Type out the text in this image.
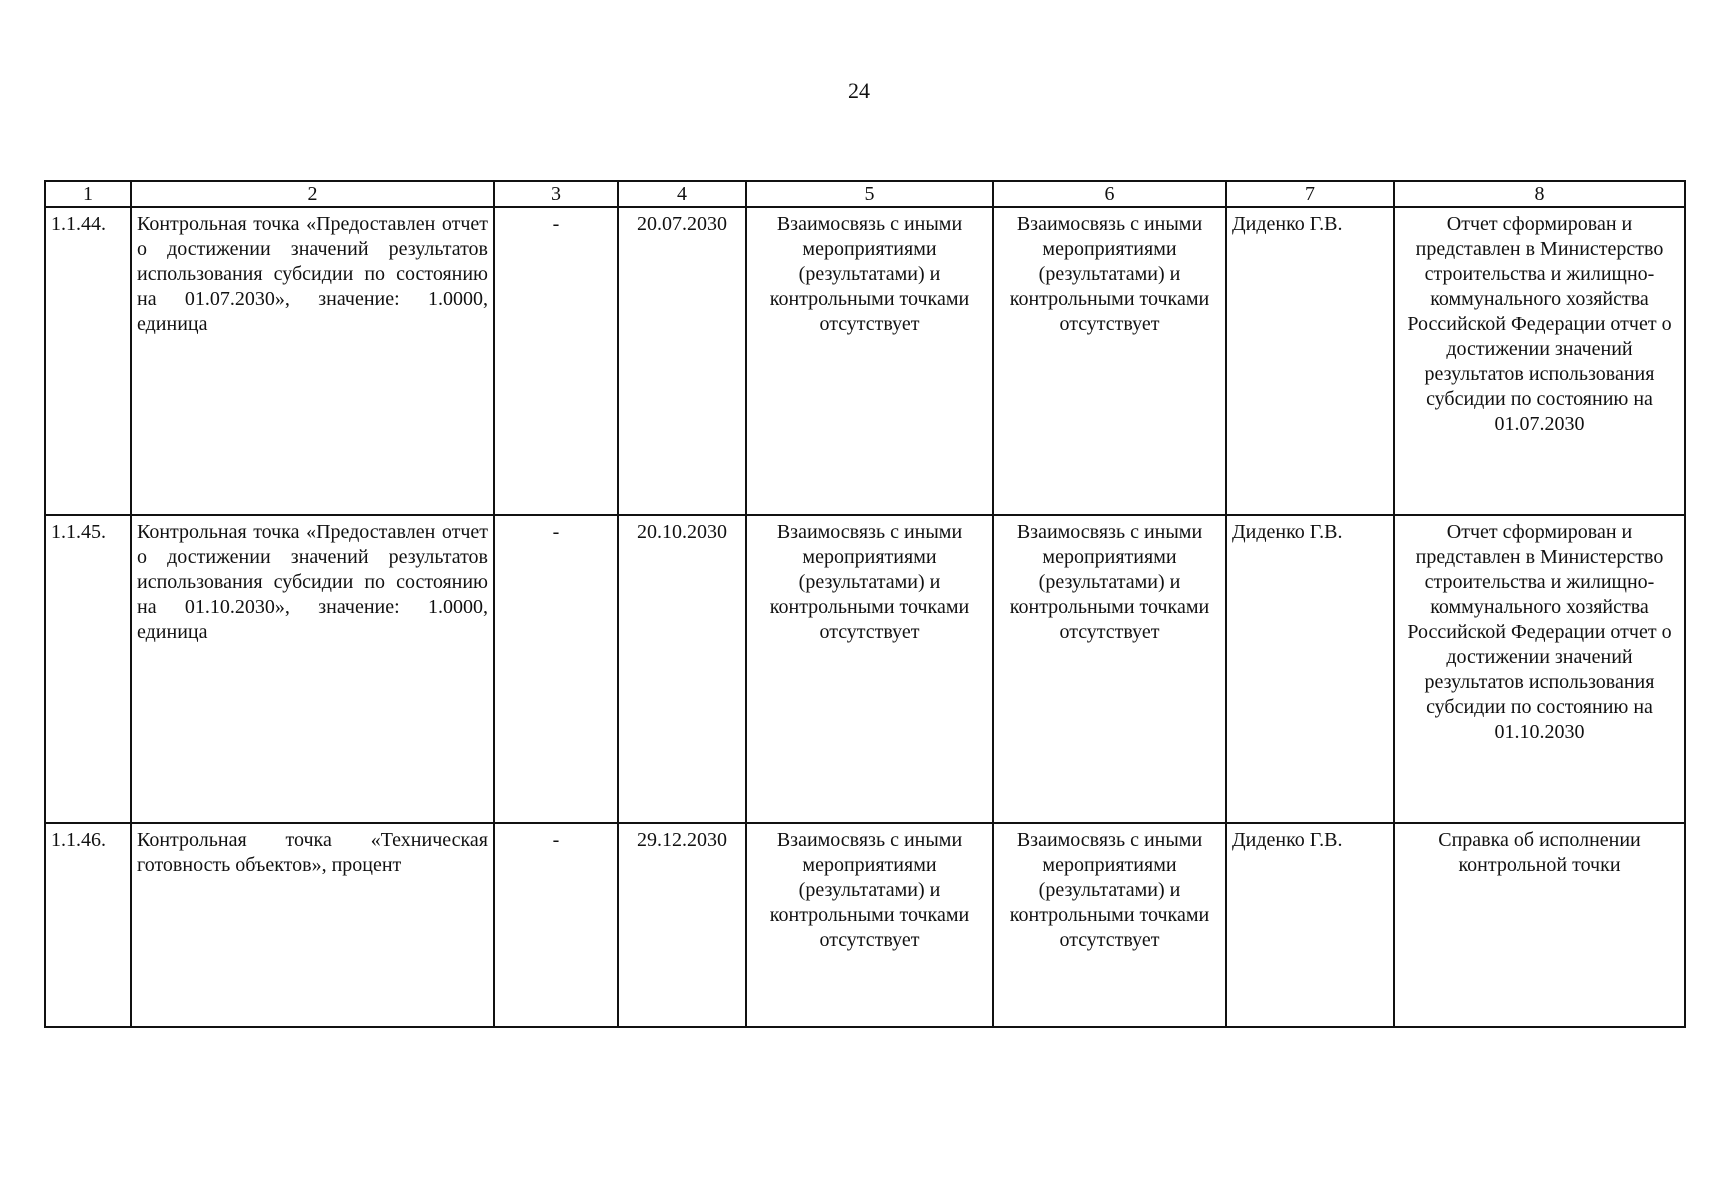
24
1	2	3	4	5	6	7	8
1.1.44.	Контрольная точка «Предоставлен отчет о достижении значений результатов использования субсидии по состоянию на 01.07.2030», значение: 1.0000, единица	-	20.07.2030	Взаимосвязь с иными мероприятиями (результатами) и контрольными точками отсутствует	Взаимосвязь с иными мероприятиями (результатами) и контрольными точками отсутствует	Диденко Г.В.	Отчет сформирован и представлен в Министерство строительства и жилищно-коммунального хозяйства Российской Федерации отчет о достижении значений результатов использования субсидии по состоянию на 01.07.2030
1.1.45.	Контрольная точка «Предоставлен отчет о достижении значений результатов использования субсидии по состоянию на 01.10.2030», значение: 1.0000, единица	-	20.10.2030	Взаимосвязь с иными мероприятиями (результатами) и контрольными точками отсутствует	Взаимосвязь с иными мероприятиями (результатами) и контрольными точками отсутствует	Диденко Г.В.	Отчет сформирован и представлен в Министерство строительства и жилищно-коммунального хозяйства Российской Федерации отчет о достижении значений результатов использования субсидии по состоянию на 01.10.2030
1.1.46.	Контрольная точка «Техническая готовность объектов», процент	-	29.12.2030	Взаимосвязь с иными мероприятиями (результатами) и контрольными точками отсутствует	Взаимосвязь с иными мероприятиями (результатами) и контрольными точками отсутствует	Диденко Г.В.	Справка об исполнении контрольной точки
